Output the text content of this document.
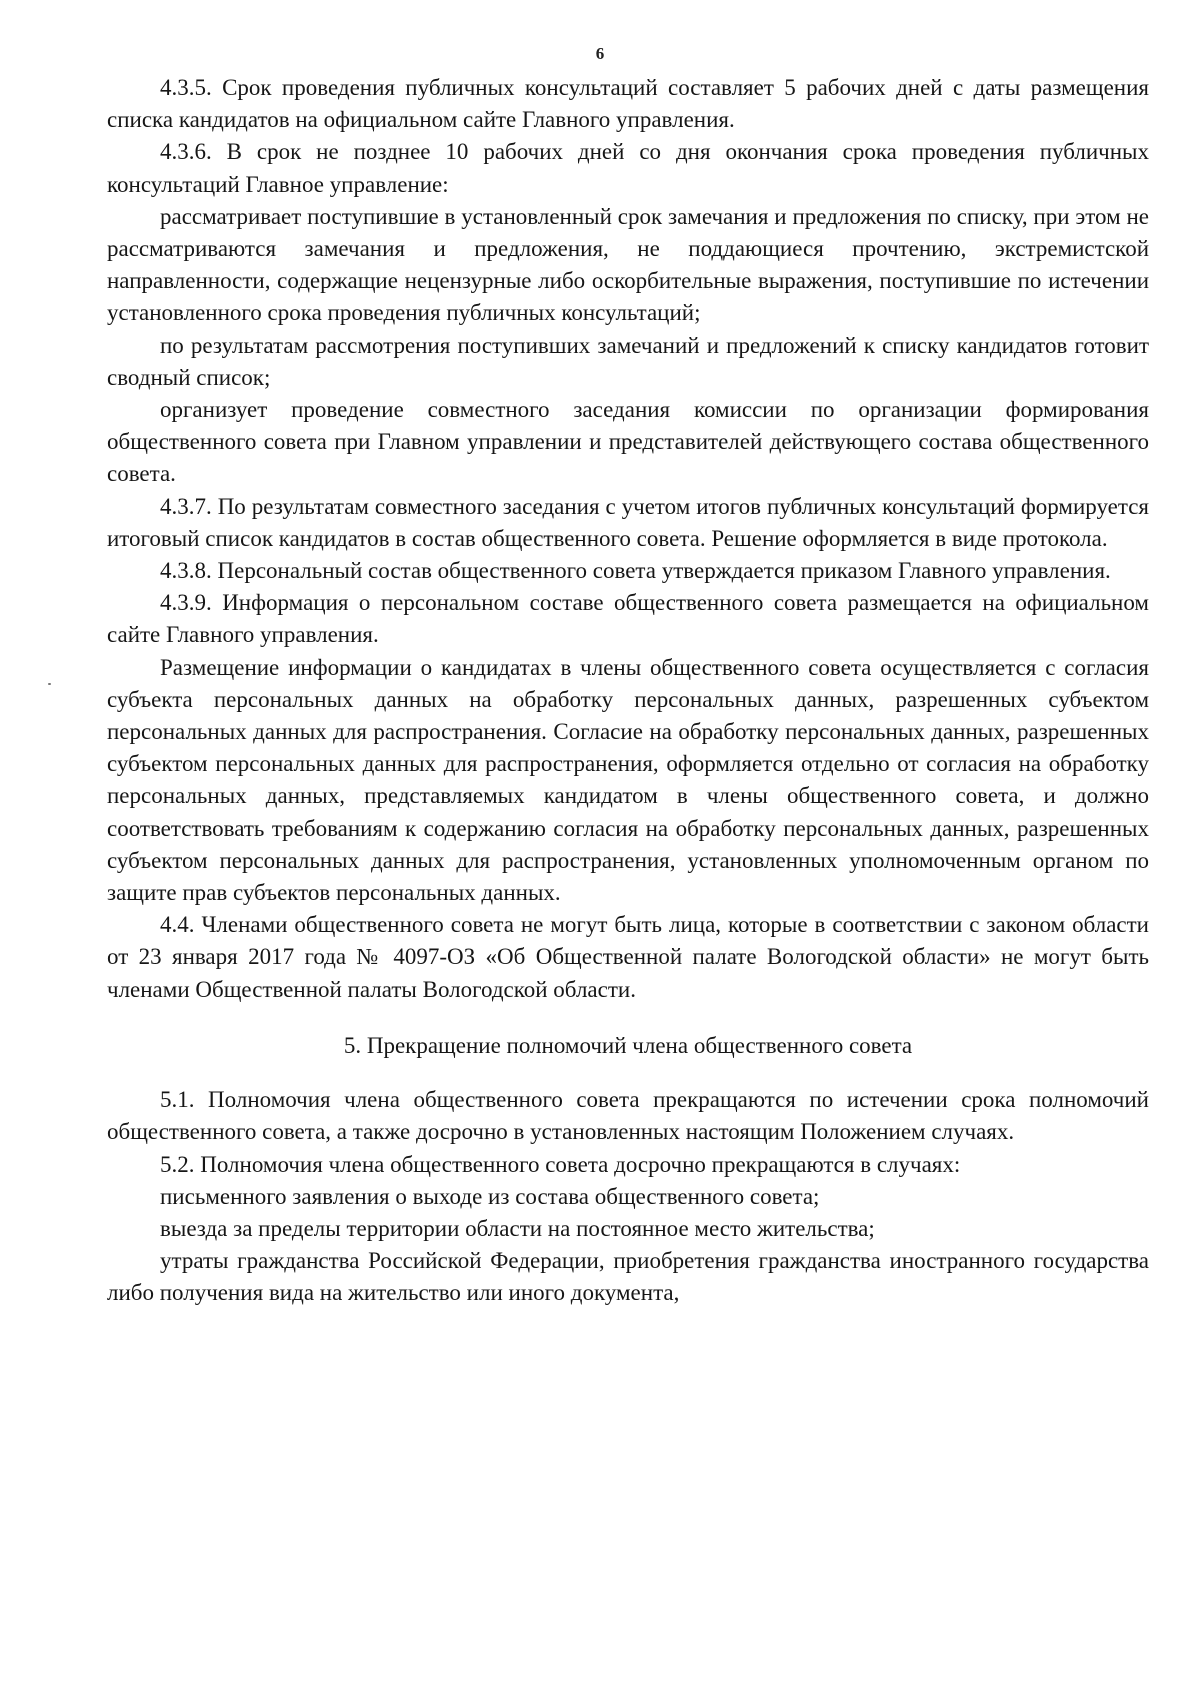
6

4.3.5. Срок проведения публичных консультаций составляет 5 рабочих дней с даты размещения списка кандидатов на официальном сайте Главного управления.

4.3.6. В срок не позднее 10 рабочих дней со дня окончания срока проведения публичных консультаций Главное управление:

рассматривает поступившие в установленный срок замечания и предложения по списку, при этом не рассматриваются замечания и предложения, не поддающиеся прочтению, экстремистской направленности, содержащие нецензурные либо оскорбительные выражения, поступившие по истечении установленного срока проведения публичных консультаций;

по результатам рассмотрения поступивших замечаний и предложений к списку кандидатов готовит сводный список;

организует проведение совместного заседания комиссии по организации формирования общественного совета при Главном управлении и представителей действующего состава общественного совета.

4.3.7. По результатам совместного заседания с учетом итогов публичных консультаций формируется итоговый список кандидатов в состав общественного совета. Решение оформляется в виде протокола.

4.3.8. Персональный состав общественного совета утверждается приказом Главного управления.

4.3.9. Информация о персональном составе общественного совета размещается на официальном сайте Главного управления.

Размещение информации о кандидатах в члены общественного совета осуществляется с согласия субъекта персональных данных на обработку персональных данных, разрешенных субъектом персональных данных для распространения. Согласие на обработку персональных данных, разрешенных субъектом персональных данных для распространения, оформляется отдельно от согласия на обработку персональных данных, представляемых кандидатом в члены общественного совета, и должно соответствовать требованиям к содержанию согласия на обработку персональных данных, разрешенных субъектом персональных данных для распространения, установленных уполномоченным органом по защите прав субъектов персональных данных.

4.4. Членами общественного совета не могут быть лица, которые в соответствии с законом области от 23 января 2017 года № 4097-ОЗ «Об Общественной палате Вологодской области» не могут быть членами Общественной палаты Вологодской области.

5. Прекращение полномочий члена общественного совета

5.1. Полномочия члена общественного совета прекращаются по истечении срока полномочий общественного совета, а также досрочно в установленных настоящим Положением случаях.

5.2. Полномочия члена общественного совета досрочно прекращаются в случаях:

письменного заявления о выходе из состава общественного совета;

выезда за пределы территории области на постоянное место жительства;

утраты гражданства Российской Федерации, приобретения гражданства иностранного государства либо получения вида на жительство или иного документа,
